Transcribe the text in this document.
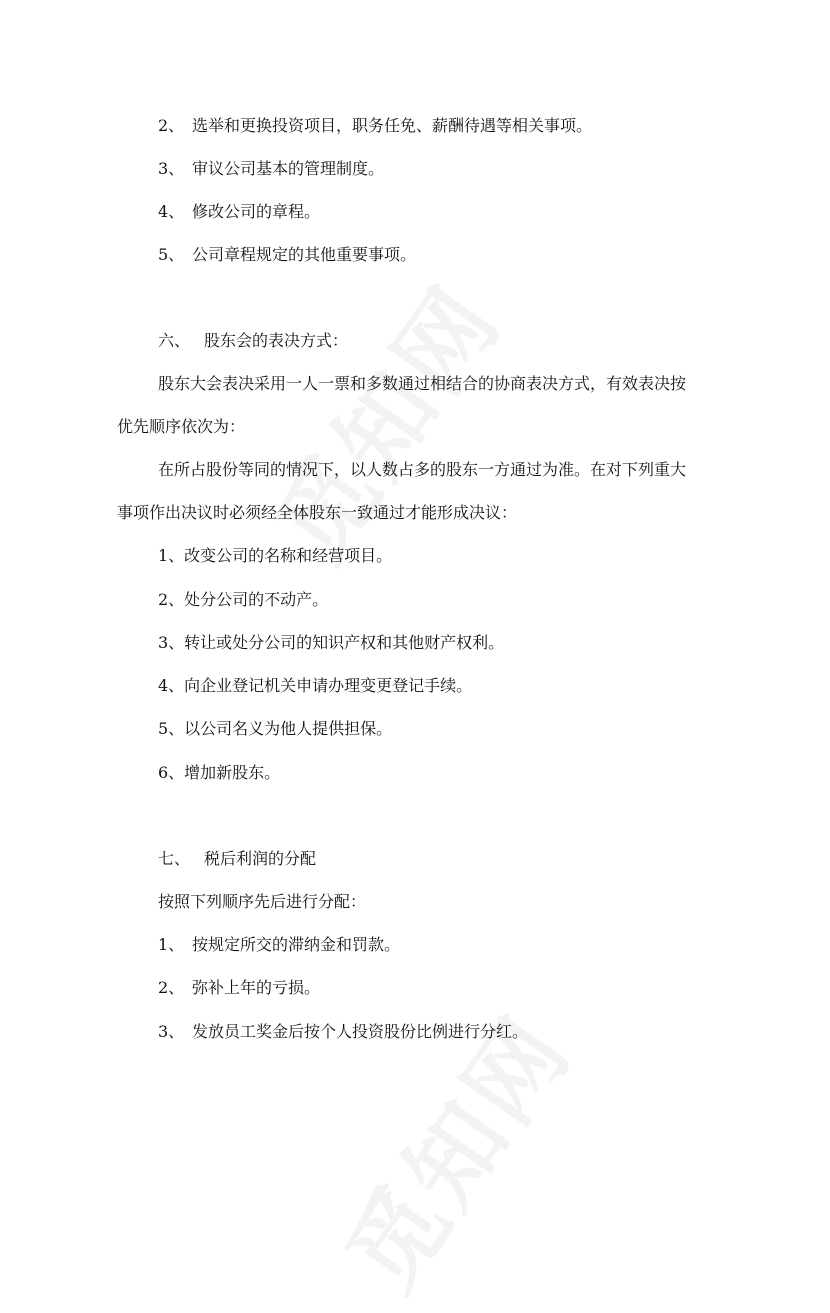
2、 选举和更换投资项目，职务任免、薪酬待遇等相关事项。
3、 审议公司基本的管理制度。
4、 修改公司的章程。
5、 公司章程规定的其他重要事项。
六、 股东会的表决方式：
股东大会表决采用一人一票和多数通过相结合的协商表决方式，有效表决按
优先顺序依次为：
在所占股份等同的情况下，以人数占多的股东一方通过为准。在对下列重大
事项作出决议时必须经全体股东一致通过才能形成决议：
1、改变公司的名称和经营项目。
2、处分公司的不动产。
3、转让或处分公司的知识产权和其他财产权利。
4、向企业登记机关申请办理变更登记手续。
5、以公司名义为他人提供担保。
6、增加新股东。
七、 税后利润的分配
按照下列顺序先后进行分配：
1、 按规定所交的滞纳金和罚款。
2、 弥补上年的亏损。
3、 发放员工奖金后按个人投资股份比例进行分红。
